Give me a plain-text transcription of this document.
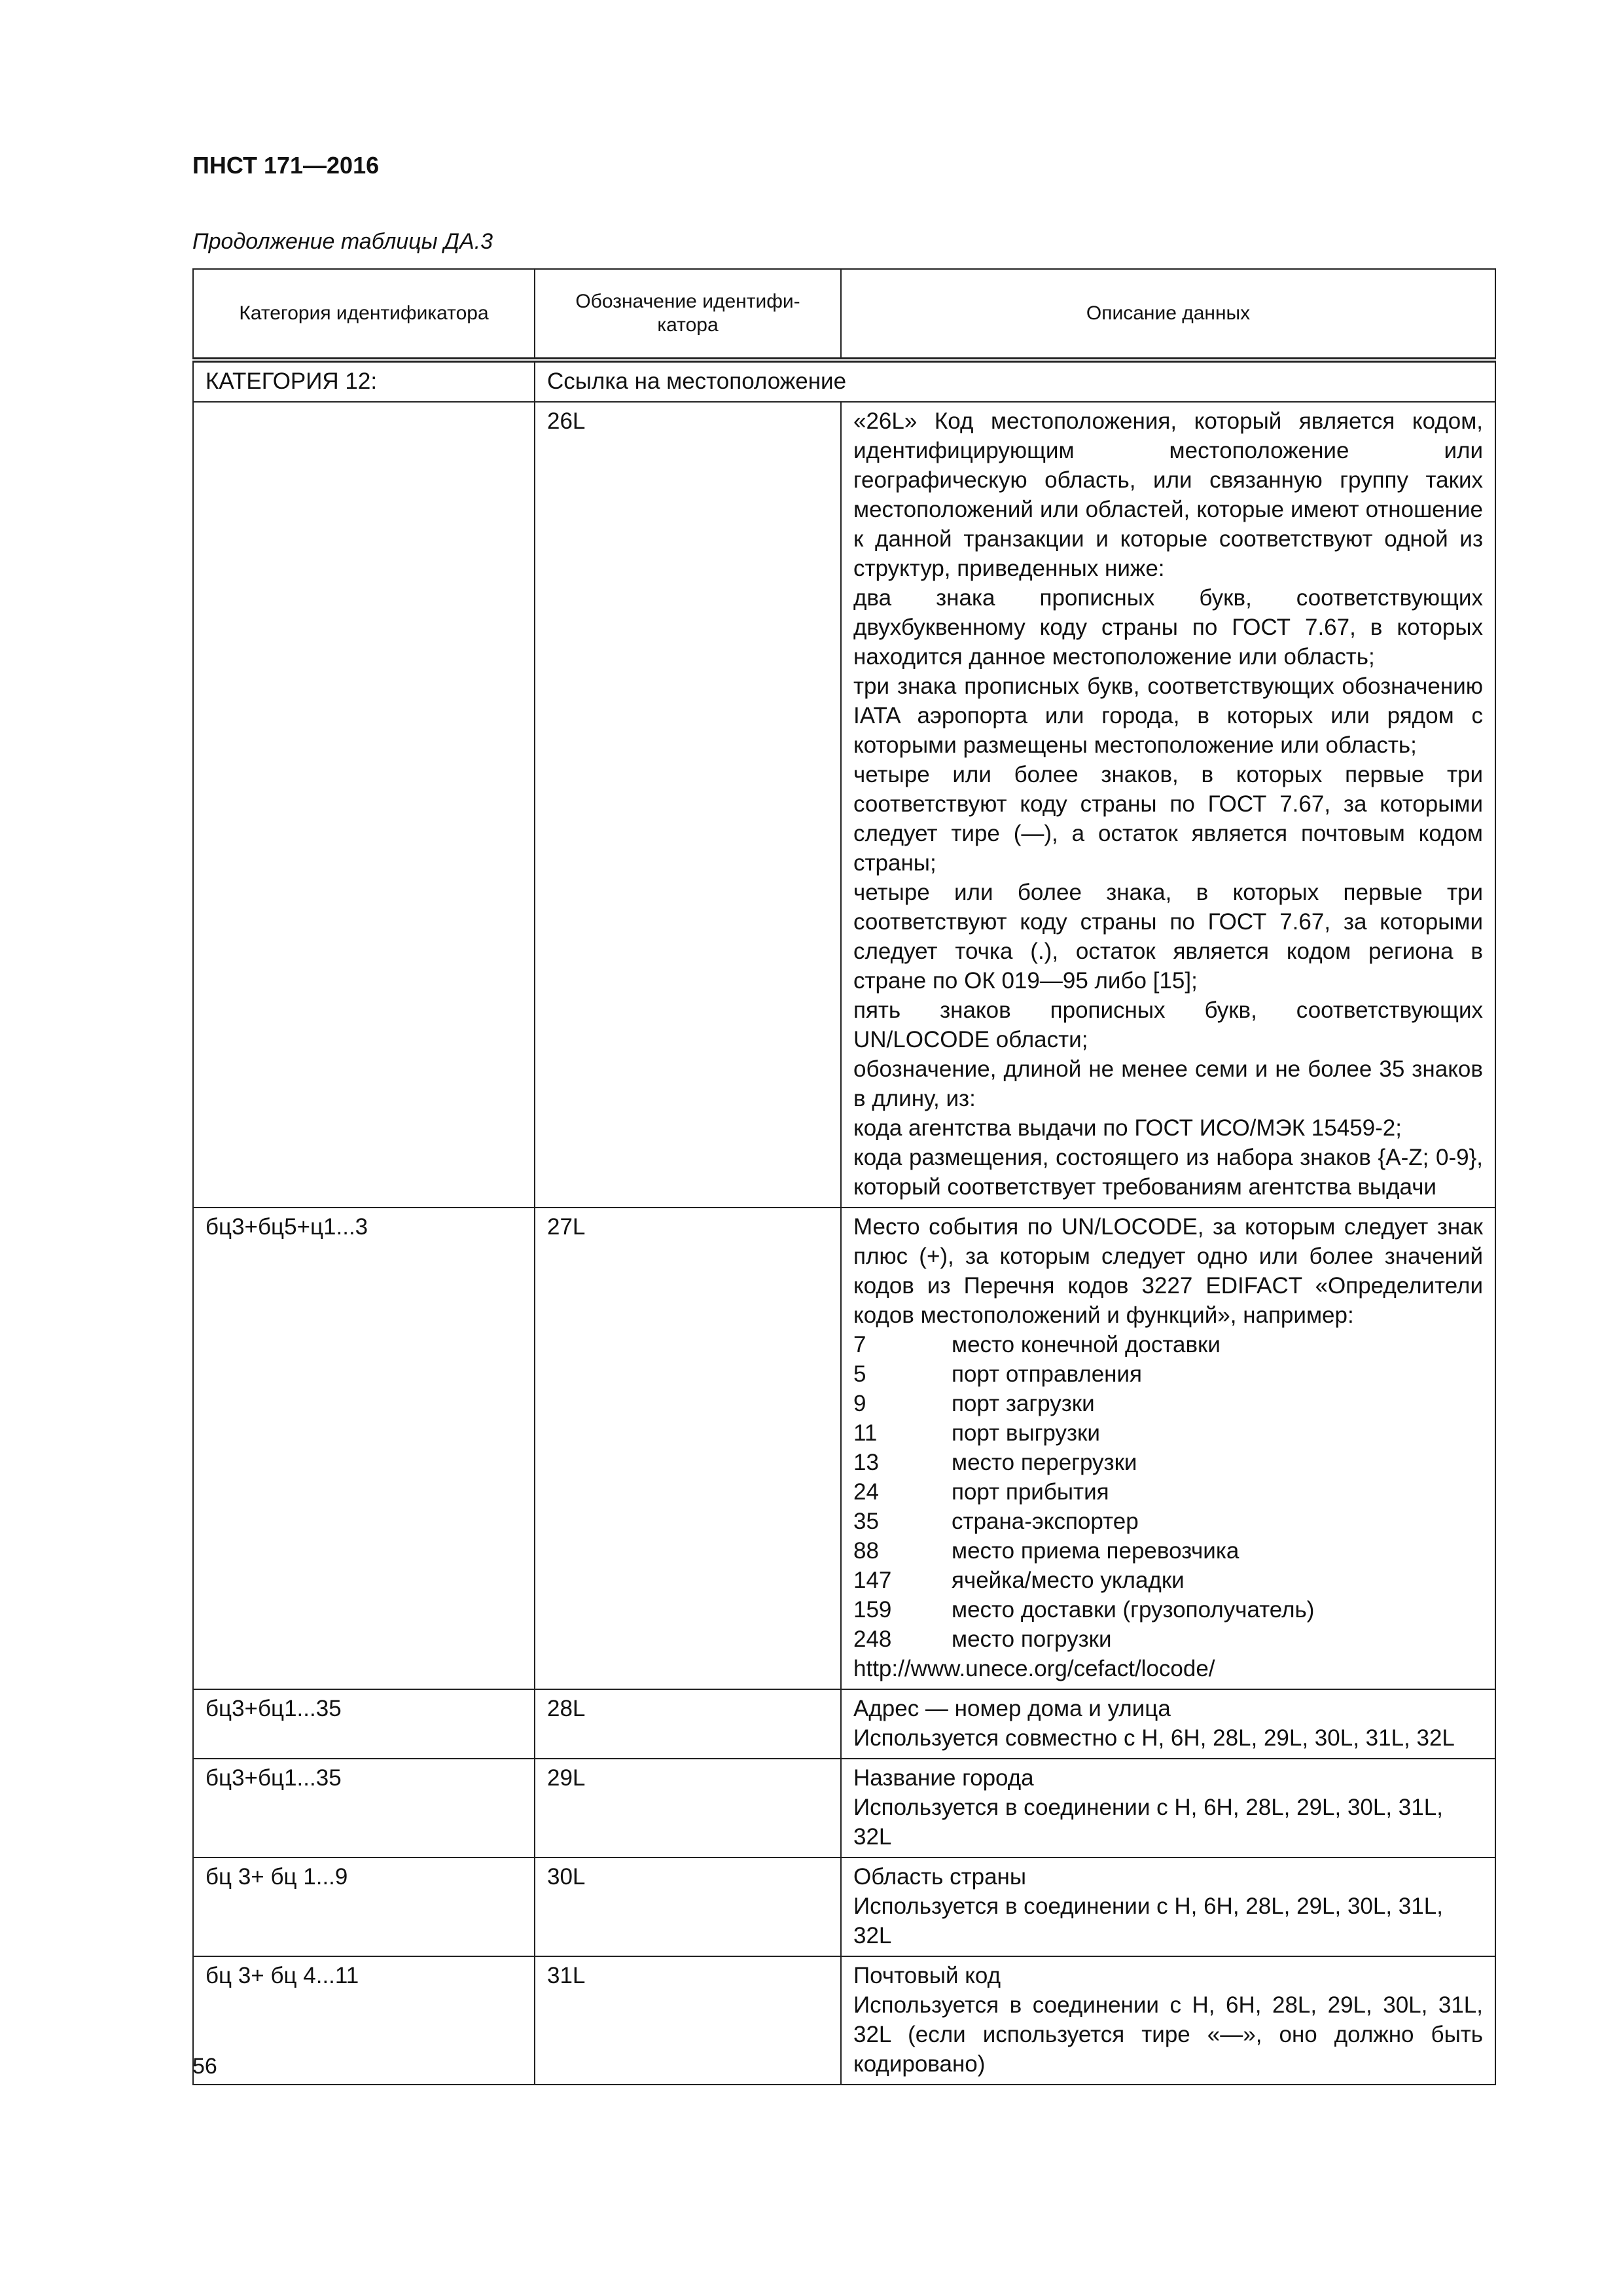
ПНСТ 171—2016
Продолжение таблицы ДА.3
Категория идентификатора	Обозначение идентифи-катора	Описание данных
КАТЕГОРИЯ 12:	Ссылка на местоположение
	26L	«26L» Код местоположения, который является кодом, идентифицирующим местоположение или географическую область, или связанную группу таких местоположений или областей, которые имеют отношение к данной транзакции и которые соответствуют одной из структур, приведенных ниже:
два знака прописных букв, соответствующих двухбуквенному коду страны по ГОСТ 7.67, в которых находится данное местоположение или область;
три знака прописных букв, соответствующих обозначению IATA аэропорта или города, в которых или рядом с которыми размещены местоположение или область;
четыре или более знаков, в которых первые три соответствуют коду страны по ГОСТ 7.67, за которыми следует тире (—), а остаток является почтовым кодом страны;
четыре или более знака, в которых первые три соответствуют коду страны по ГОСТ 7.67, за которыми следует точка (.), остаток является кодом региона в стране по ОК 019—95 либо [15];
пять знаков прописных букв, соответствующих UN/LOCODE области;
обозначение, длиной не менее семи и не более 35 знаков в длину, из:
кода агентства выдачи по ГОСТ ИСО/МЭК 15459-2;
кода размещения, состоящего из набора знаков {A-Z; 0-9}, который соответствует требованиям агентства выдачи

бц3+бц5+ц1...3	27L	Место события по UN/LOCODE, за которым следует знак плюс (+), за которым следует одно или более значений кодов из Перечня кодов 3227 EDIFACT «Определители кодов местоположений и функций», например:
7	место конечной доставки
5	порт отправления
9	порт загрузки
11	порт выгрузки
13	место перегрузки
24	порт прибытия
35	страна-экспортер
88	место приема перевозчика
147	ячейка/место укладки
159	место доставки (грузополучатель)
248	место погрузки
http://www.unece.org/cefact/locode/

бц3+бц1...35	28L	Адрес — номер дома и улица
Используется совместно с H, 6H, 28L, 29L, 30L, 31L, 32L

бц3+бц1...35	29L	Название города
Используется в соединении с H, 6H, 28L, 29L, 30L, 31L, 32L

бц 3+ бц 1...9	30L	Область страны
Используется в соединении с H, 6H, 28L, 29L, 30L, 31L, 32L

бц 3+ бц 4...11	31L	Почтовый код
Используется в соединении с H, 6H, 28L, 29L, 30L, 31L, 32L (если используется тире «—», оно должно быть кодировано)
56
